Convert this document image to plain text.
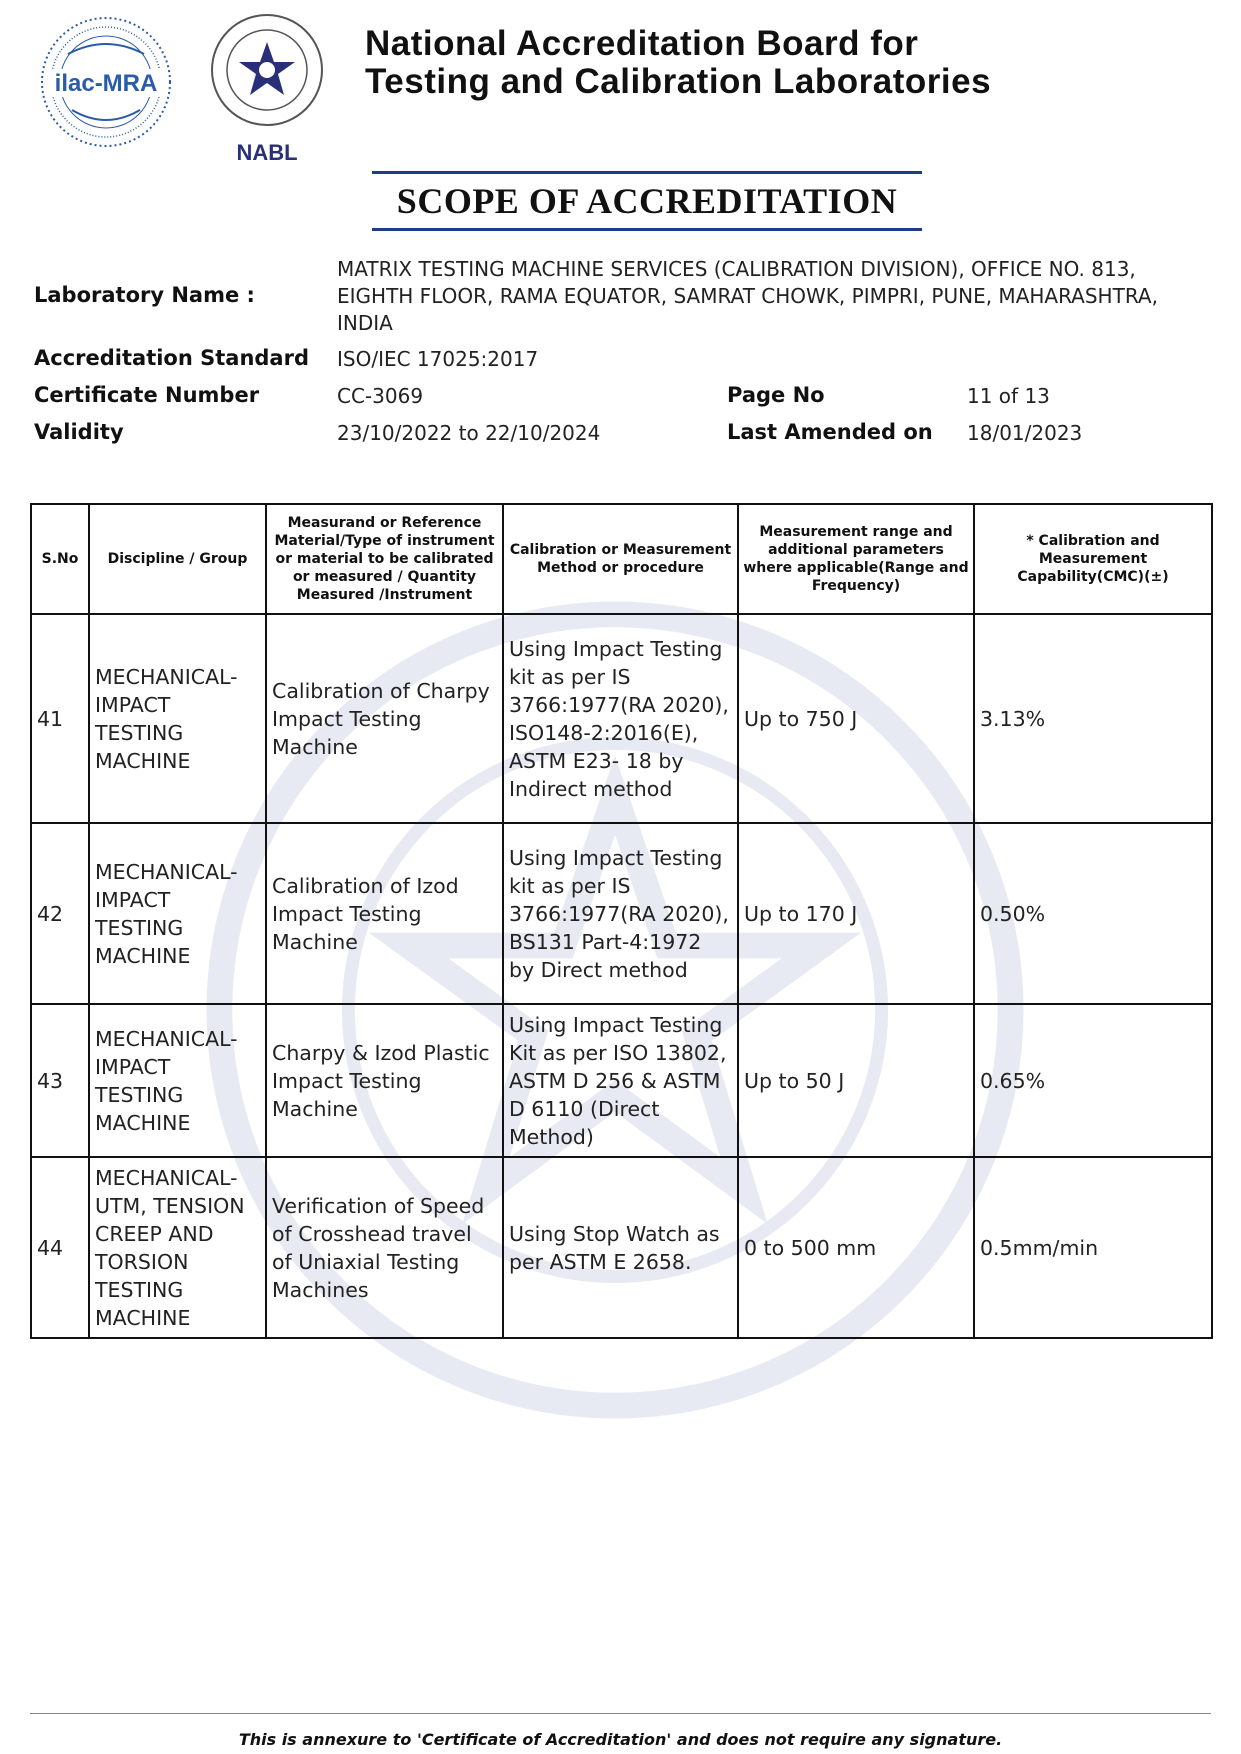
ilac-MRA
NABL
National Accreditation Board for
Testing and Calibration Laboratories
SCOPE OF ACCREDITATION
Laboratory Name :
MATRIX TESTING MACHINE SERVICES (CALIBRATION DIVISION), OFFICE NO. 813,
EIGHTH FLOOR, RAMA EQUATOR, SAMRAT CHOWK, PIMPRI, PUNE, MAHARASHTRA,
INDIA
Accreditation Standard ISO/IEC 17025:2017
Certificate Number	CC-3069	Page No	11 of 13
Validity	23/10/2022 to 22/10/2024	Last Amended on 18/01/2023
S.No	Discipline / Group	Measurand or Reference Material/Type of instrument or material to be calibrated or measured / Quantity Measured /Instrument	Calibration or Measurement Method or procedure	Measurement range and additional parameters where applicable(Range and Frequency)	* Calibration and Measurement Capability(CMC)(±)
41	MECHANICAL- IMPACT TESTING MACHINE	Calibration of Charpy Impact Testing Machine	Using Impact Testing kit as per IS 3766:1977(RA 2020), ISO148-2:2016(E), ASTM E23- 18 by Indirect method	Up to 750 J	3.13%
42	MECHANICAL- IMPACT TESTING MACHINE	Calibration of Izod Impact Testing Machine	Using Impact Testing kit as per IS 3766:1977(RA 2020), BS131 Part-4:1972 by Direct method	Up to 170 J	0.50%
43	MECHANICAL- IMPACT TESTING MACHINE	Charpy & Izod Plastic Impact Testing Machine	Using Impact Testing Kit as per ISO 13802, ASTM D 256 & ASTM D 6110 (Direct Method)	Up to 50 J	0.65%
44	MECHANICAL- UTM, TENSION CREEP AND TORSION TESTING MACHINE	Verification of Speed of Crosshead travel of Uniaxial Testing Machines	Using Stop Watch as per ASTM E 2658.	0 to 500 mm	0.5mm/min
This is annexure to 'Certificate of Accreditation' and does not require any signature.
